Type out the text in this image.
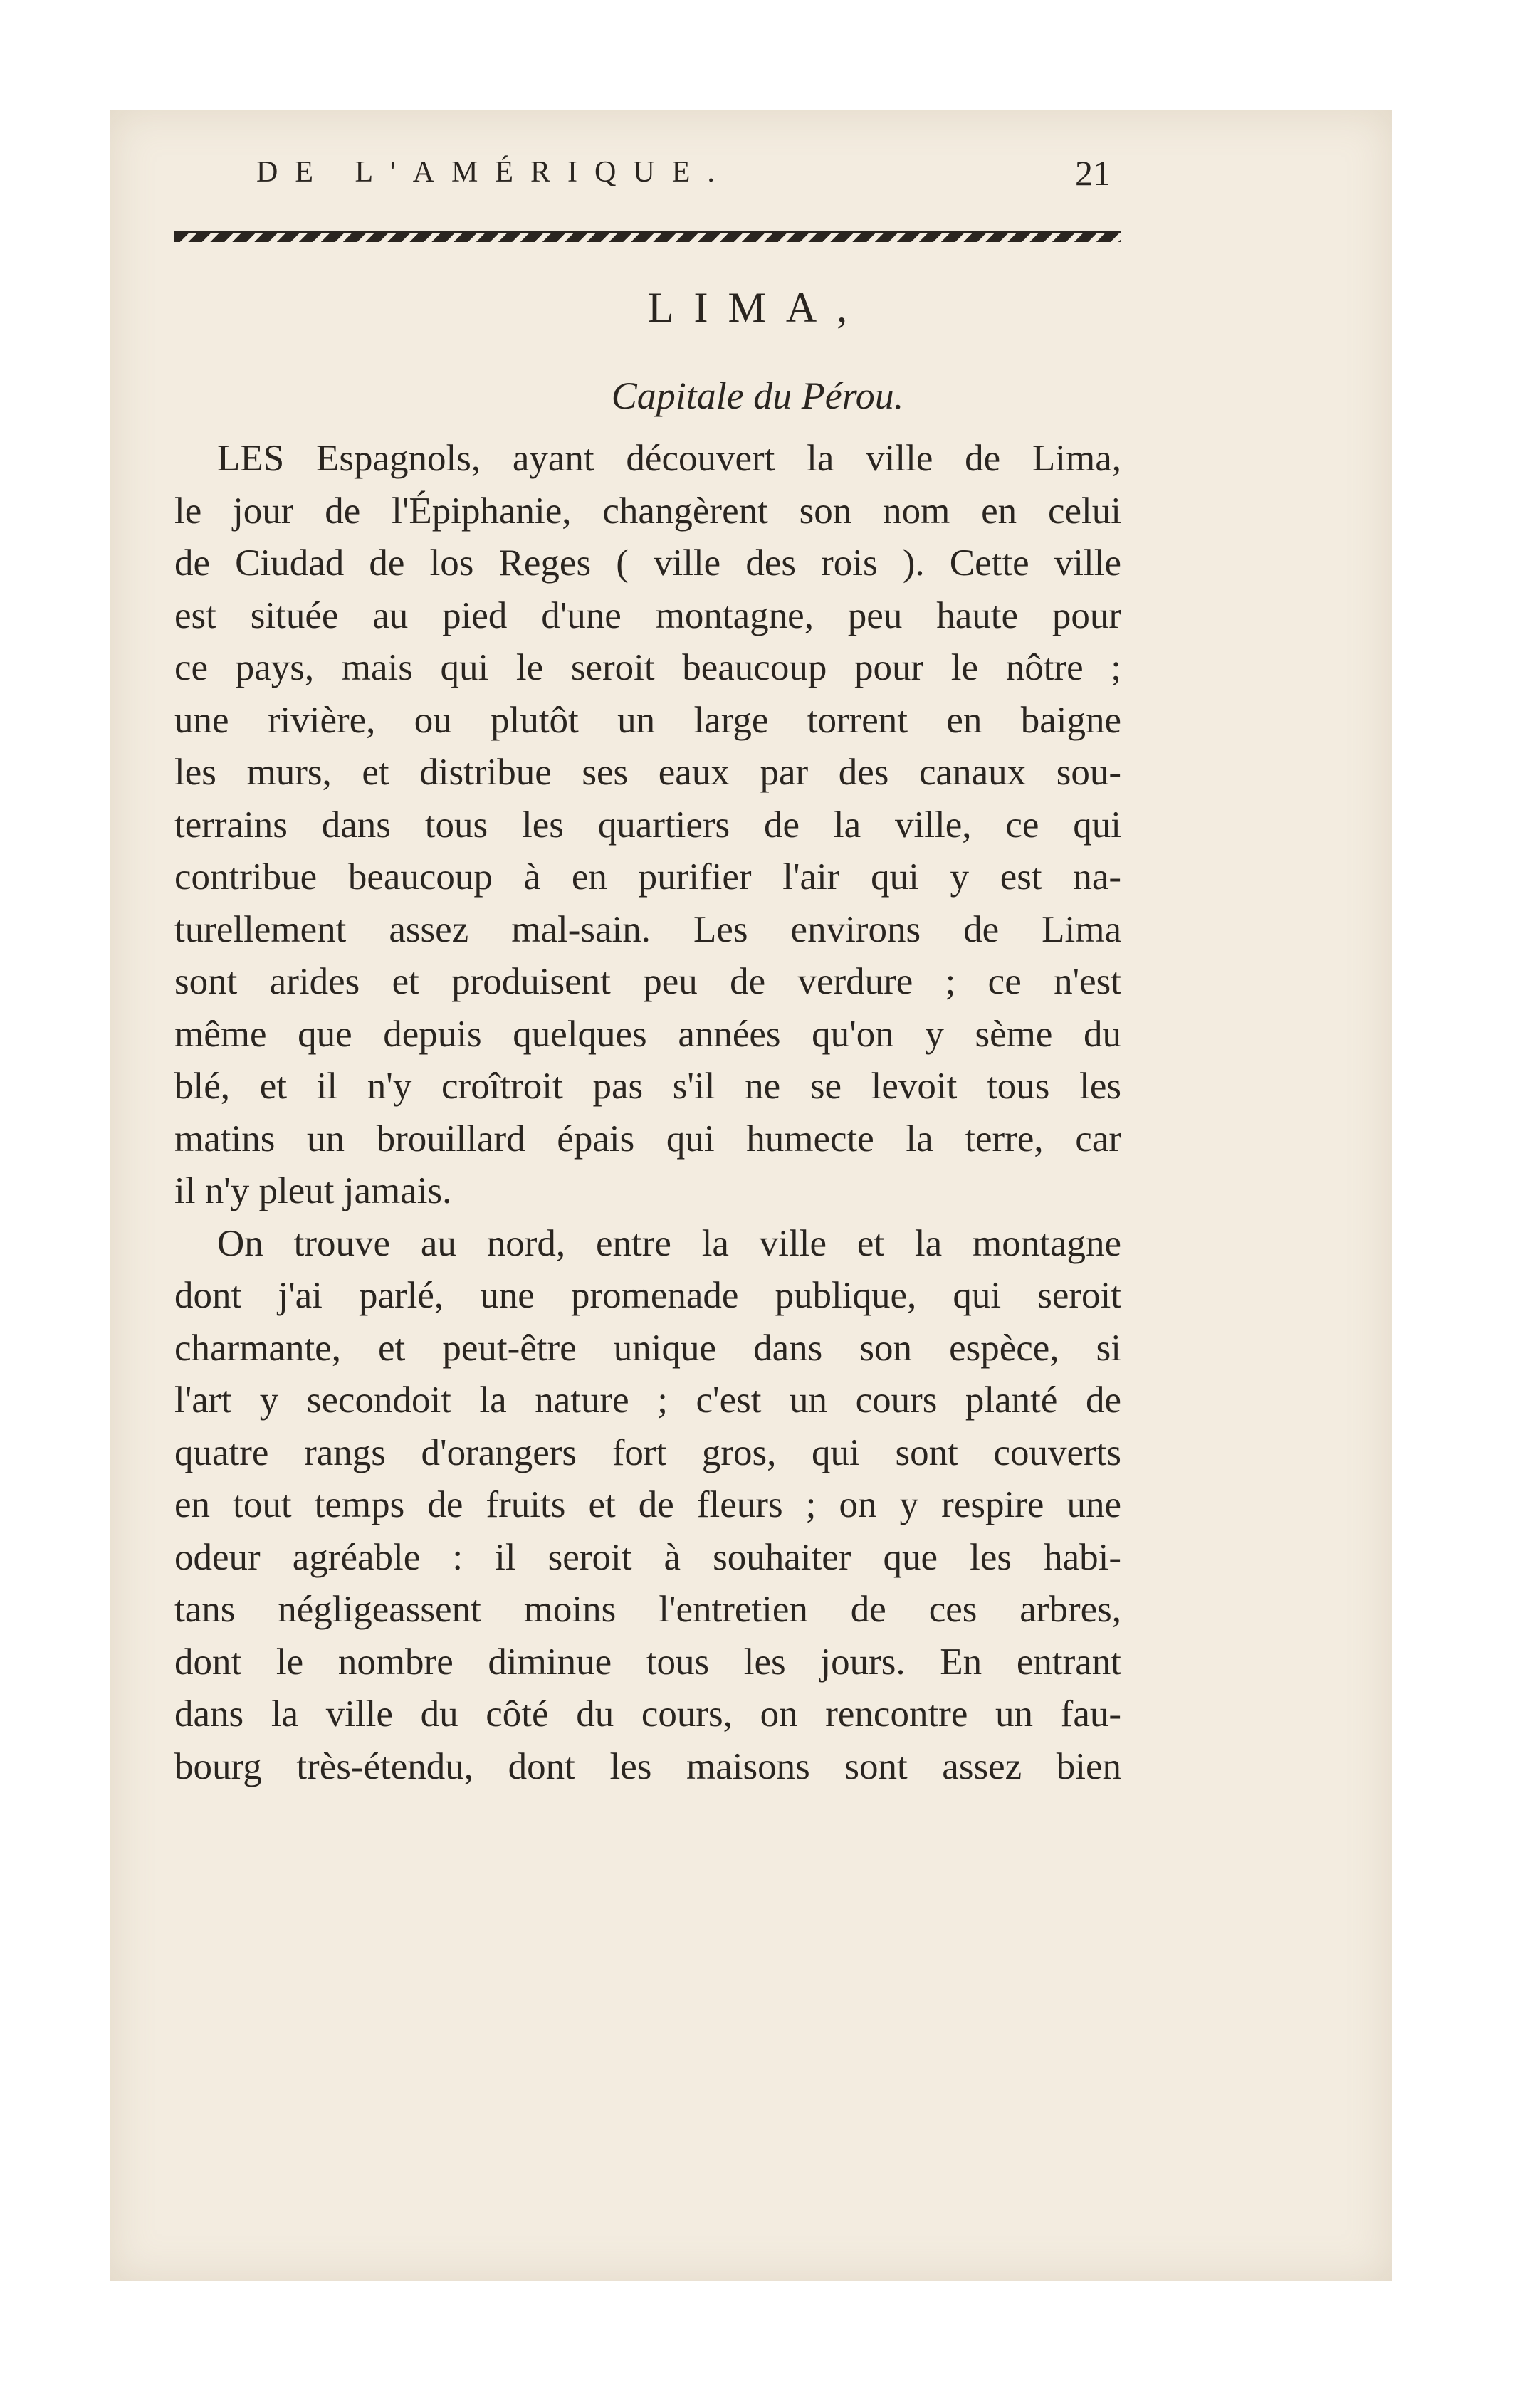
DE L'AMÉRIQUE.	21
LIMA,
Capitale du Pérou.
LES Espagnols, ayant découvert la ville de Lima,
le jour de l'Épiphanie, changèrent son nom en celui
de Ciudad de los Reges ( ville des rois ). Cette ville
est située au pied d'une montagne, peu haute pour
ce pays, mais qui le seroit beaucoup pour le nôtre ;
une rivière, ou plutôt un large torrent en baigne
les murs, et distribue ses eaux par des canaux sou-
terrains dans tous les quartiers de la ville, ce qui
contribue beaucoup à en purifier l'air qui y est na-
turellement assez mal-sain. Les environs de Lima
sont arides et produisent peu de verdure ; ce n'est
même que depuis quelques années qu'on y sème du
blé, et il n'y croîtroit pas s'il ne se levoit tous les
matins un brouillard épais qui humecte la terre, car
il n'y pleut jamais.
On trouve au nord, entre la ville et la montagne
dont j'ai parlé, une promenade publique, qui seroit
charmante, et peut-être unique dans son espèce, si
l'art y secondoit la nature ; c'est un cours planté de
quatre rangs d'orangers fort gros, qui sont couverts
en tout temps de fruits et de fleurs ; on y respire une
odeur agréable : il seroit à souhaiter que les habi-
tans négligeassent moins l'entretien de ces arbres,
dont le nombre diminue tous les jours. En entrant
dans la ville du côté du cours, on rencontre un fau-
bourg très-étendu, dont les maisons sont assez bien
